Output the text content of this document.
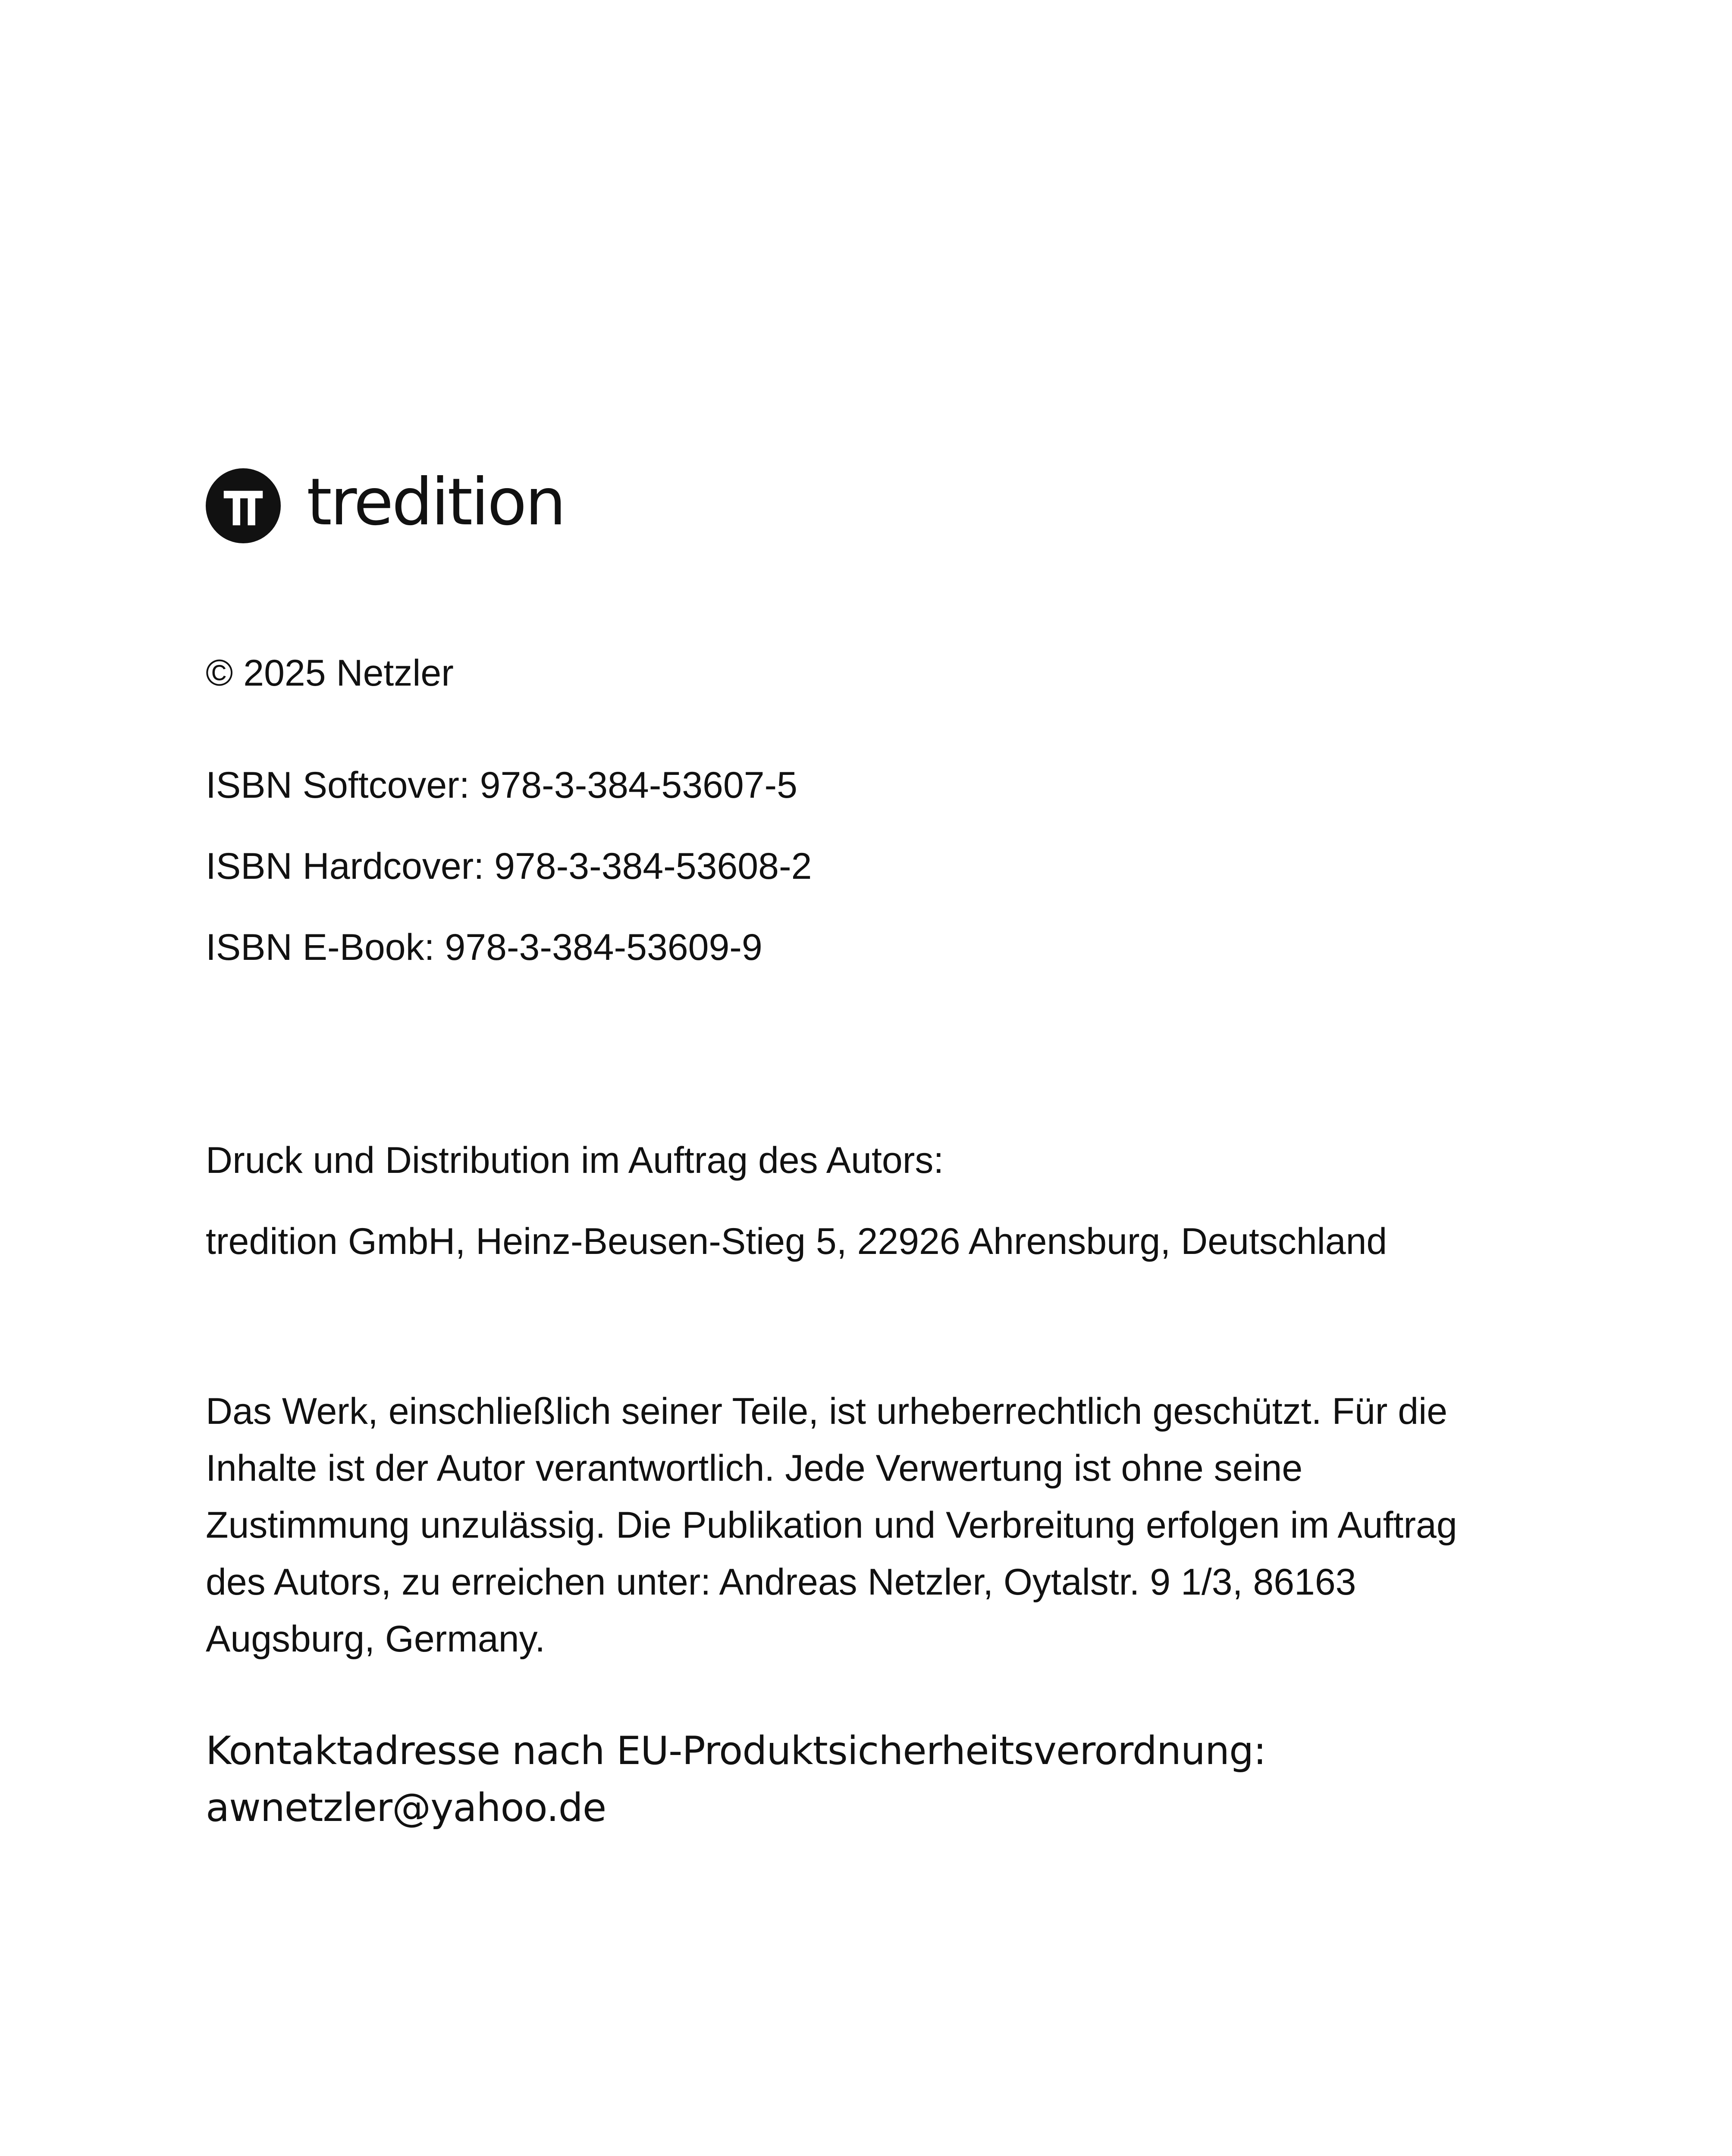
tredition
© 2025 Netzler
ISBN Softcover: 978-3-384-53607-5
ISBN Hardcover: 978-3-384-53608-2
ISBN E-Book: 978-3-384-53609-9
Druck und Distribution im Auftrag des Autors:
tredition GmbH, Heinz-Beusen-Stieg 5, 22926 Ahrensburg, Deutschland
Das Werk, einschließlich seiner Teile, ist urheberrechtlich geschützt. Für die
Inhalte ist der Autor verantwortlich. Jede Verwertung ist ohne seine
Zustimmung unzulässig. Die Publikation und Verbreitung erfolgen im Auftrag
des Autors, zu erreichen unter: Andreas Netzler, Oytalstr. 9 1/3, 86163
Augsburg, Germany.
Kontaktadresse nach EU-Produktsicherheitsverordnung:
awnetzler@yahoo.de
